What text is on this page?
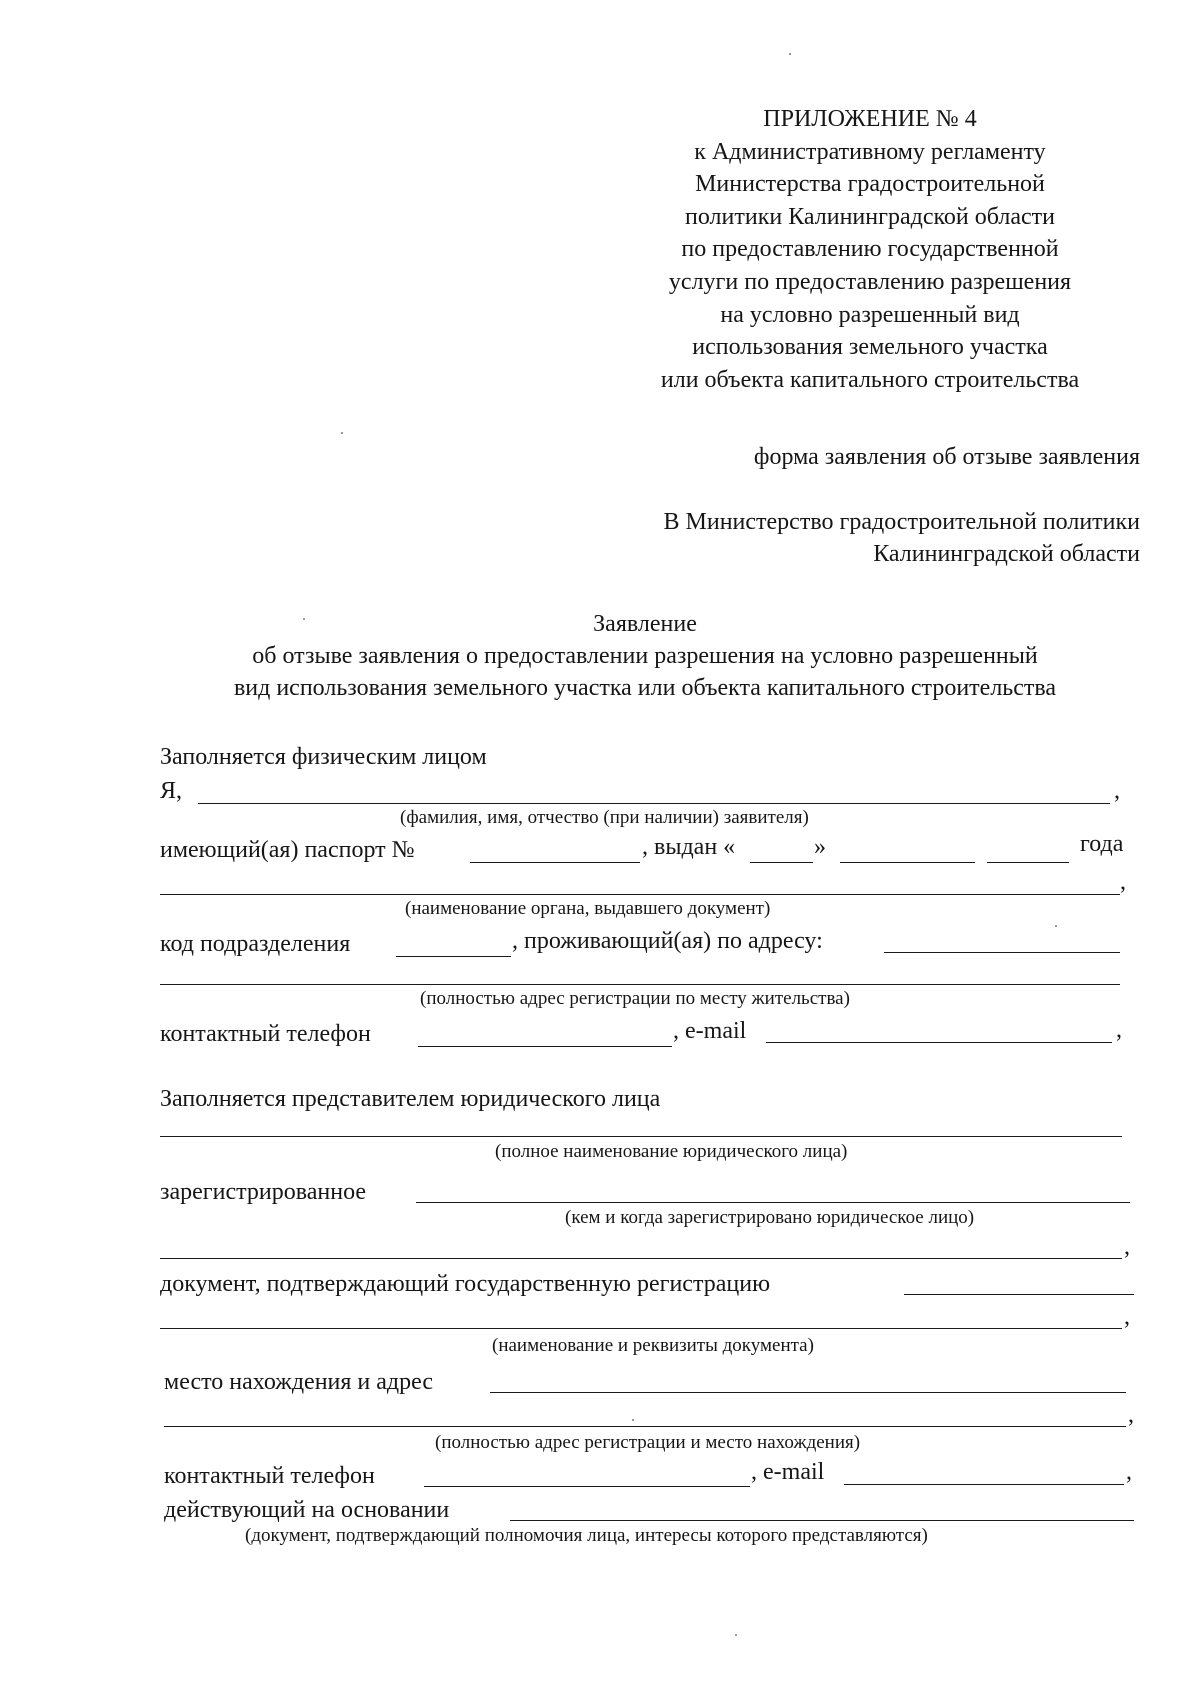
ПРИЛОЖЕНИЕ № 4
к Административному регламенту
Министерства градостроительной
политики Калининградской области
по предоставлению государственной
услуги по предоставлению разрешения
на условно разрешенный вид
использования земельного участка
или объекта капитального строительства
форма заявления об отзыве заявления
В Министерство градостроительной политики
Калининградской области
Заявление
об отзыве заявления о предоставлении разрешения на условно разрешенный
вид использования земельного участка или объекта капитального строительства
Заполняется физическим лицом
Я,	,
(фамилия, имя, отчество (при наличии) заявителя)
имеющий(ая) паспорт №	, выдан «	»	года
,
(наименование органа, выдавшего документ)
код подразделения	, проживающий(ая) по адресу:
(полностью адрес регистрации по месту жительства)
контактный телефон	, e-mail	,
Заполняется представителем юридического лица
(полное наименование юридического лица)
зарегистрированное
(кем и когда зарегистрировано юридическое лицо)
,
документ, подтверждающий государственную регистрацию
,
(наименование и реквизиты документа)
место нахождения и адрес
,
(полностью адрес регистрации и место нахождения)
контактный телефон	, e-mail	,
действующий на основании
(документ, подтверждающий полномочия лица, интересы которого представляются)
